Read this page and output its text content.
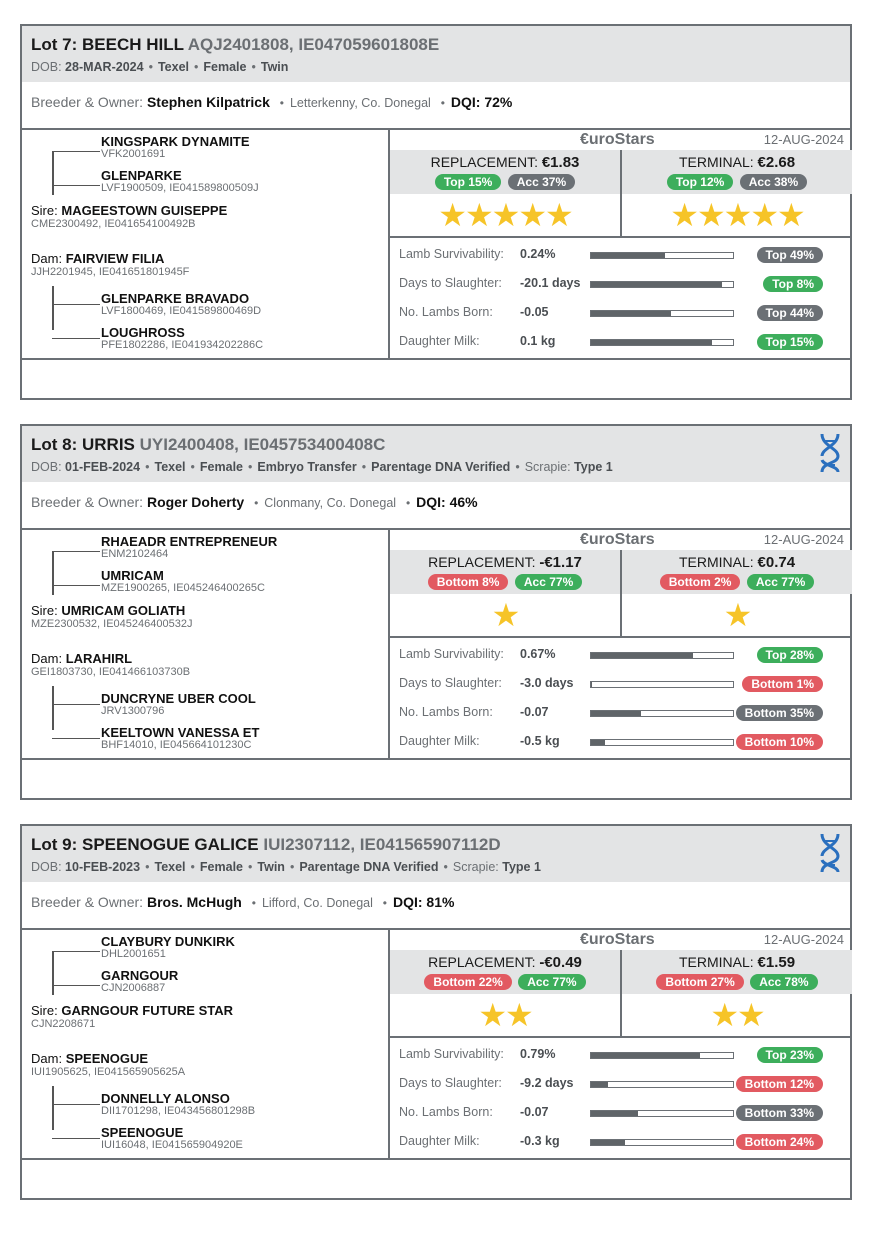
Lot 7: BEECH HILL AQJ2401808, IE047059601808E
DOB: 28-MAR-2024 • Texel • Female • Twin
Breeder & Owner: Stephen Kilpatrick • Letterkenny, Co. Donegal • DQI: 72%
KINGSPARK DYNAMITE
VFK2001691
GLENPARKE
LVF1900509, IE041589800509J
Sire: MAGEESTOWN GUISEPPE
CME2300492, IE041654100492B
Dam: FAIRVIEW FILIA
JJH2201945, IE041651801945F
GLENPARKE BRAVADO
LVF1800469, IE041589800469D
LOUGHROSS
PFE1802286, IE041934202286C
€uroStars	12-AUG-2024
REPLACEMENT: €1.83
Top 15% Acc 37%
★★★★★
TERMINAL: €2.68
Top 12% Acc 38%
★★★★★
Lamb Survivability: 0.24%	Top 49%
Days to Slaughter: -20.1 days	Top 8%
No. Lambs Born: -0.05	Top 44%
Daughter Milk:	0.1 kg	Top 15%
Lot 8: URRIS UYI2400408, IE045753400408C
DOB: 01-FEB-2024 • Texel • Female • Embryo Transfer • Parentage DNA Verified • Scrapie: Type 1
Breeder & Owner: Roger Doherty • Clonmany, Co. Donegal • DQI: 46%
RHAEADR ENTREPRENEUR
ENM2102464
UMRICAM
MZE1900265, IE045246400265C
Sire: UMRICAM GOLIATH
MZE2300532, IE045246400532J
Dam: LARAHIRL
GEI1803730, IE041466103730B
DUNCRYNE UBER COOL
JRV1300796
KEELTOWN VANESSA ET
BHF14010, IE045664101230C
€uroStars	12-AUG-2024
REPLACEMENT: -€1.17
Bottom 8% Acc 77%
★
TERMINAL: €0.74
Bottom 2% Acc 77%
★
Lamb Survivability: 0.67%	Top 28%
Days to Slaughter: -3.0 days	Bottom 1%
No. Lambs Born: -0.07	Bottom 35%
Daughter Milk:	-0.5 kg	Bottom 10%
Lot 9: SPEENOGUE GALICE IUI2307112, IE041565907112D
DOB: 10-FEB-2023 • Texel • Female • Twin • Parentage DNA Verified • Scrapie: Type 1
Breeder & Owner: Bros. McHugh • Lifford, Co. Donegal • DQI: 81%
CLAYBURY DUNKIRK
DHL2001651
GARNGOUR
CJN2006887
Sire: GARNGOUR FUTURE STAR
CJN2208671
Dam: SPEENOGUE
IUI1905625, IE041565905625A
DONNELLY ALONSO
DII1701298, IE043456801298B
SPEENOGUE
IUI16048, IE041565904920E
€uroStars	12-AUG-2024
REPLACEMENT: -€0.49
Bottom 22% Acc 77%
★★
TERMINAL: €1.59
Bottom 27% Acc 78%
★★
Lamb Survivability: 0.79%	Top 23%
Days to Slaughter: -9.2 days	Bottom 12%
No. Lambs Born: -0.07	Bottom 33%
Daughter Milk:	-0.3 kg	Bottom 24%
